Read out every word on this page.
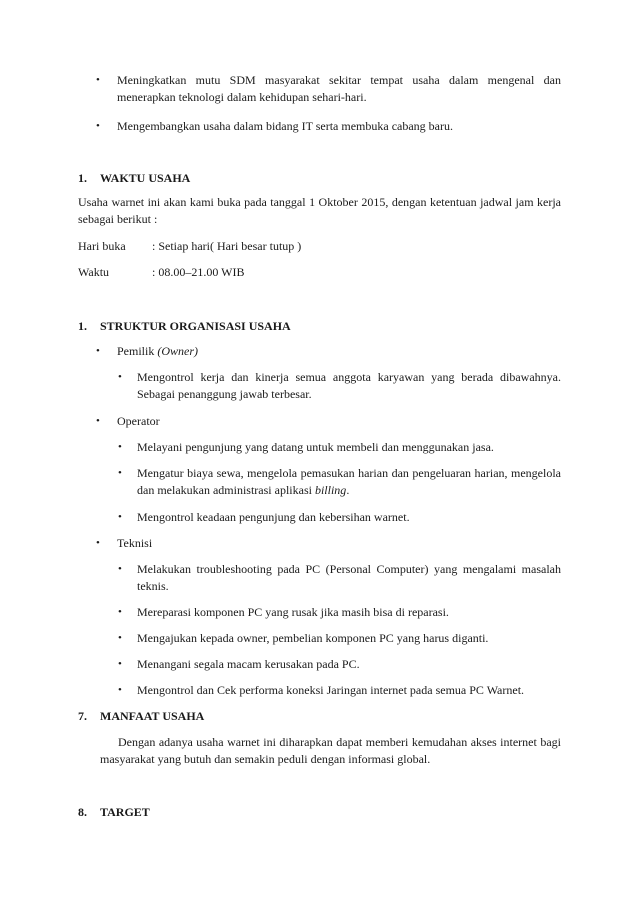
• Meningkatkan mutu SDM masyarakat sekitar tempat usaha dalam mengenal dan menerapkan teknologi dalam kehidupan sehari-hari.
• Mengembangkan usaha dalam bidang IT serta membuka cabang baru.
1. WAKTU USAHA
Usaha warnet ini akan kami buka pada tanggal 1 Oktober 2015, dengan ketentuan jadwal jam kerja sebagai berikut :
Hari buka : Setiap hari( Hari besar tutup )
Waktu	: 08.00–21.00 WIB
1. STRUKTUR ORGANISASI USAHA
• Pemilik (Owner)
• Mengontrol kerja dan kinerja semua anggota karyawan yang berada dibawahnya. Sebagai penanggung jawab terbesar.
• Operator
• Melayani pengunjung yang datang untuk membeli dan menggunakan jasa.
• Mengatur biaya sewa, mengelola pemasukan harian dan pengeluaran harian, mengelola dan melakukan administrasi aplikasi billing.
• Mengontrol keadaan pengunjung dan kebersihan warnet.
• Teknisi
• Melakukan troubleshooting pada PC (Personal Computer) yang mengalami masalah teknis.
• Mereparasi komponen PC yang rusak jika masih bisa di reparasi.
• Mengajukan kepada owner, pembelian komponen PC yang harus diganti.
• Menangani segala macam kerusakan pada PC.
• Mengontrol dan Cek performa koneksi Jaringan internet pada semua PC Warnet.
7. MANFAAT USAHA
Dengan adanya usaha warnet ini diharapkan dapat memberi kemudahan akses internet bagi masyarakat yang butuh dan semakin peduli dengan informasi global.
8. TARGET
